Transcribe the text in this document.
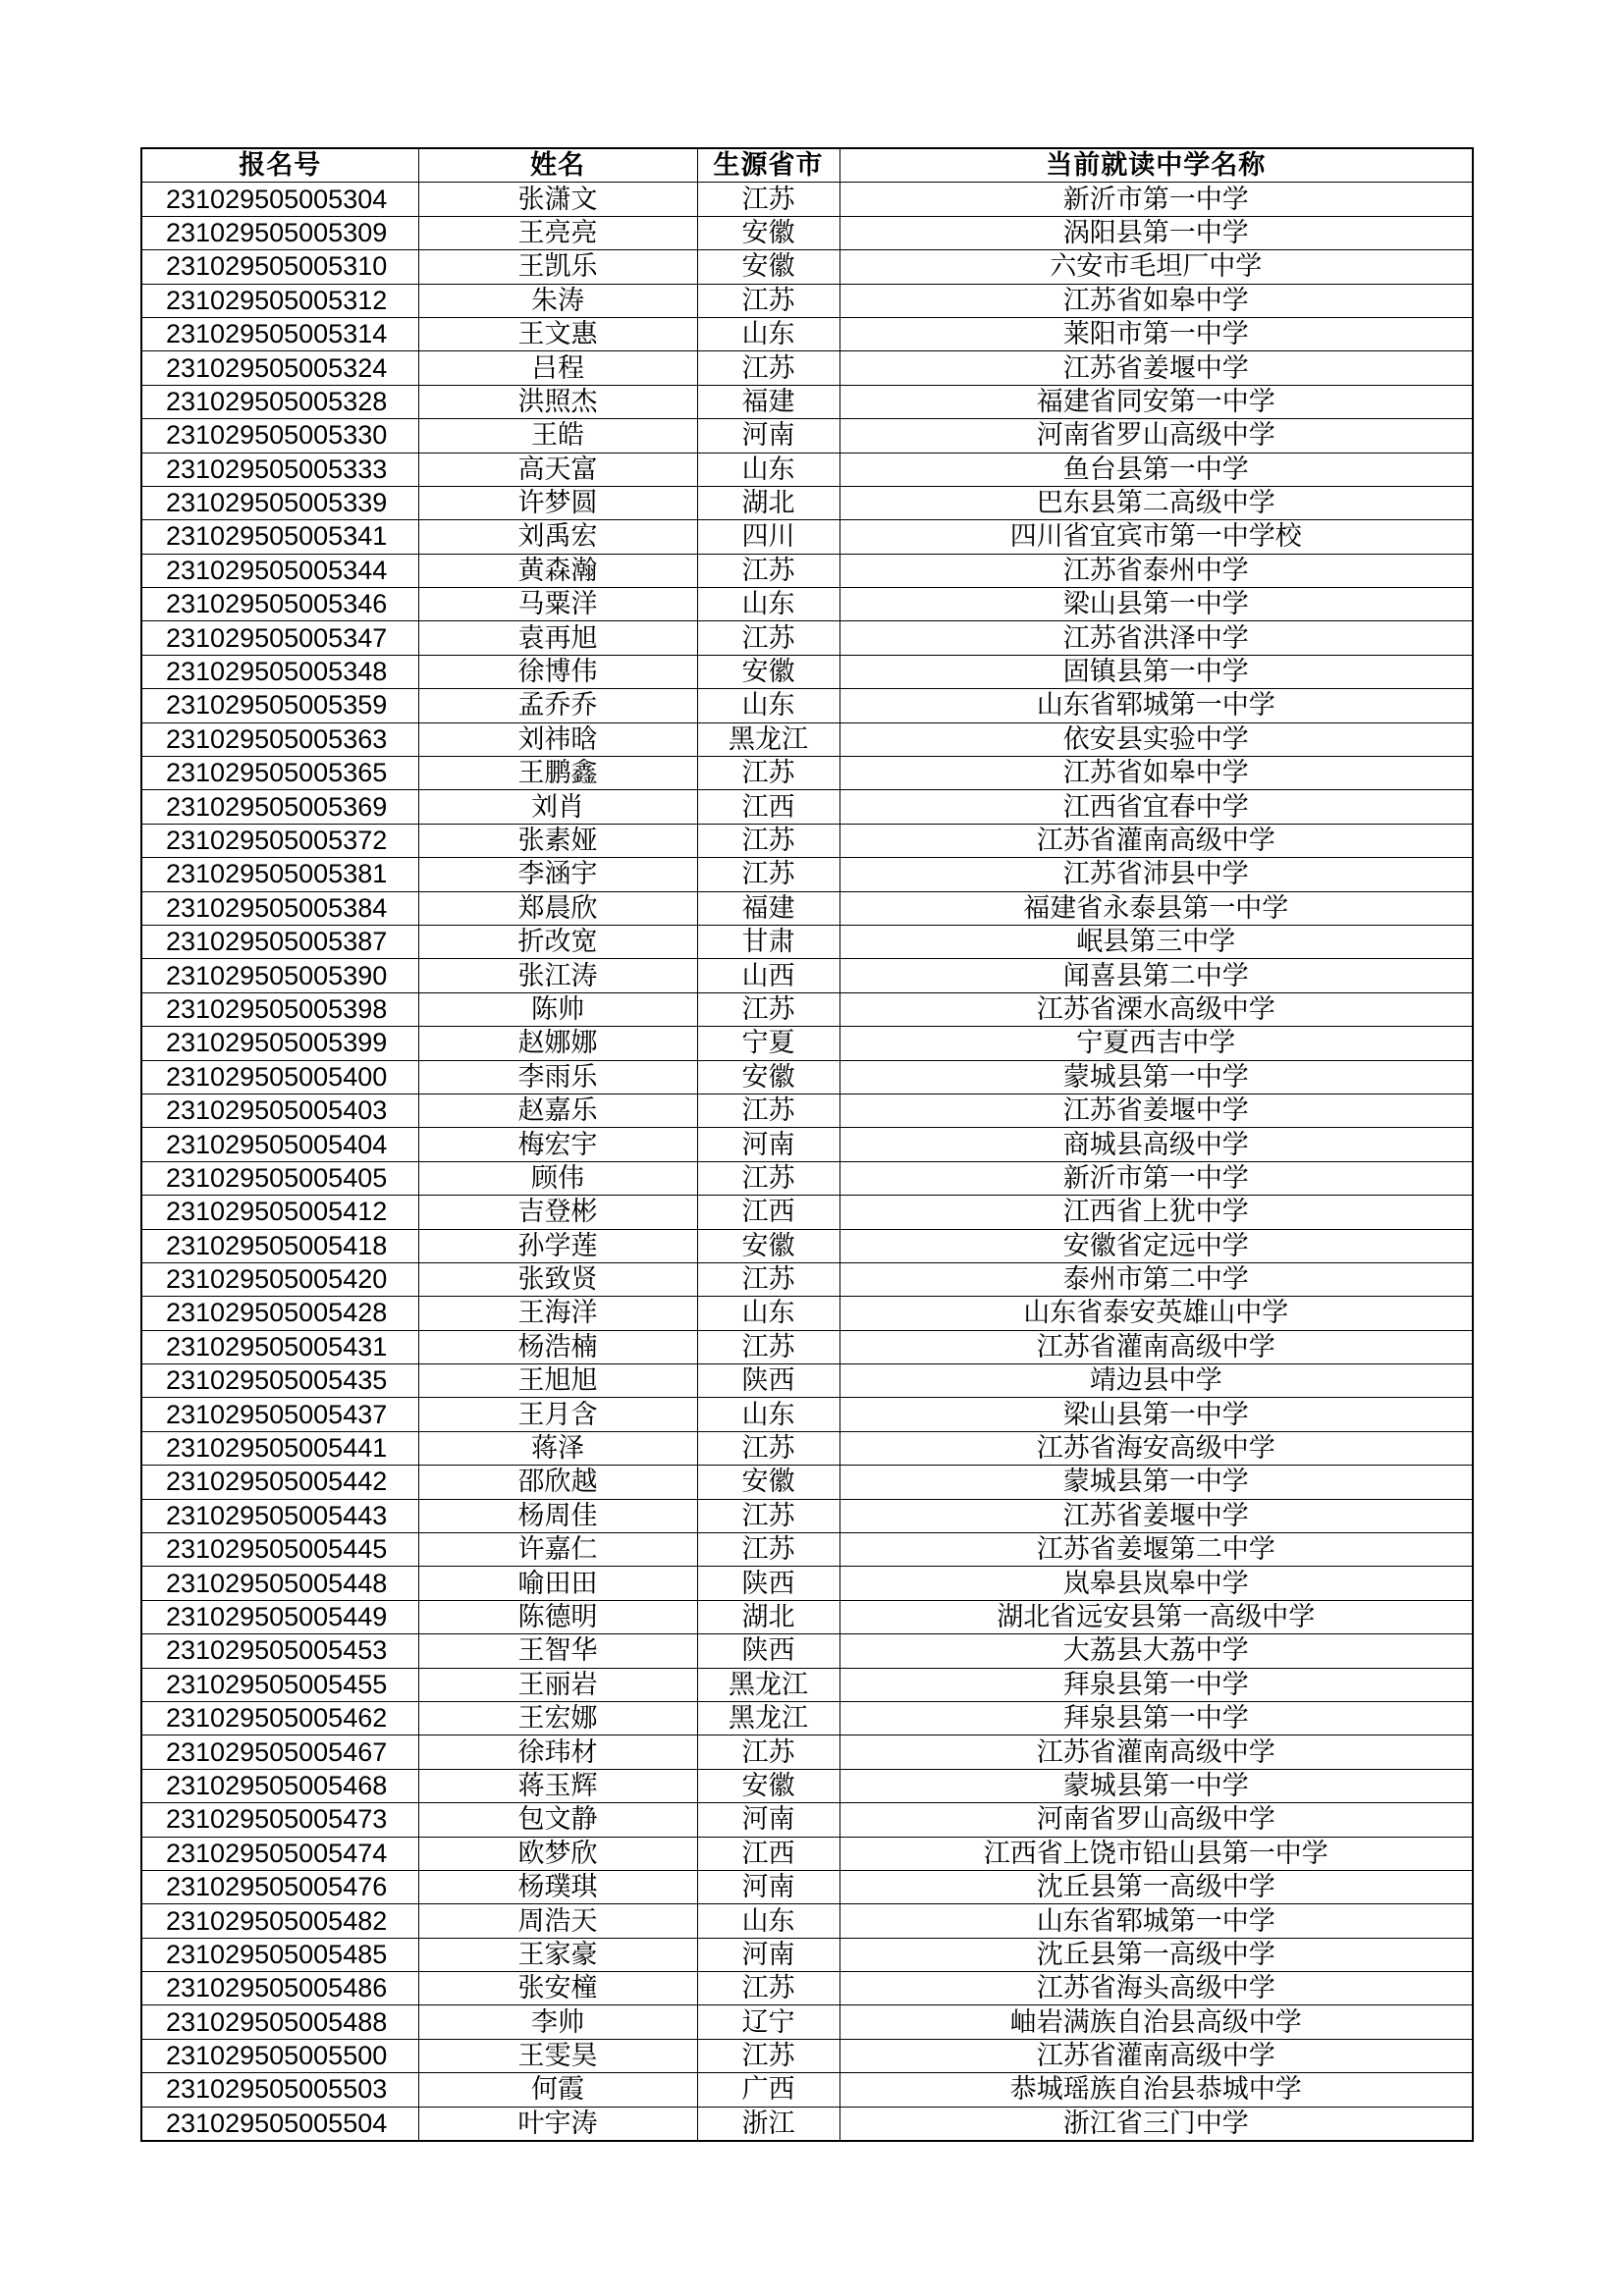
报名号	姓名	生源省市	当前就读中学名称
231029505005304	张潇文	江苏	新沂市第一中学
231029505005309	王亮亮	安徽	涡阳县第一中学
231029505005310	王凯乐	安徽	六安市毛坦厂中学
231029505005312	朱涛	江苏	江苏省如皋中学
231029505005314	王文惠	山东	莱阳市第一中学
231029505005324	吕程	江苏	江苏省姜堰中学
231029505005328	洪照杰	福建	福建省同安第一中学
231029505005330	王皓	河南	河南省罗山高级中学
231029505005333	高天富	山东	鱼台县第一中学
231029505005339	许梦圆	湖北	巴东县第二高级中学
231029505005341	刘禹宏	四川	四川省宜宾市第一中学校
231029505005344	黄森瀚	江苏	江苏省泰州中学
231029505005346	马粟洋	山东	梁山县第一中学
231029505005347	袁再旭	江苏	江苏省洪泽中学
231029505005348	徐博伟	安徽	固镇县第一中学
231029505005359	孟乔乔	山东	山东省郓城第一中学
231029505005363	刘祎晗	黑龙江	依安县实验中学
231029505005365	王鹏鑫	江苏	江苏省如皋中学
231029505005369	刘肖	江西	江西省宜春中学
231029505005372	张素娅	江苏	江苏省灌南高级中学
231029505005381	李涵宇	江苏	江苏省沛县中学
231029505005384	郑晨欣	福建	福建省永泰县第一中学
231029505005387	折改宽	甘肃	岷县第三中学
231029505005390	张江涛	山西	闻喜县第二中学
231029505005398	陈帅	江苏	江苏省溧水高级中学
231029505005399	赵娜娜	宁夏	宁夏西吉中学
231029505005400	李雨乐	安徽	蒙城县第一中学
231029505005403	赵嘉乐	江苏	江苏省姜堰中学
231029505005404	梅宏宇	河南	商城县高级中学
231029505005405	顾伟	江苏	新沂市第一中学
231029505005412	吉登彬	江西	江西省上犹中学
231029505005418	孙学莲	安徽	安徽省定远中学
231029505005420	张致贤	江苏	泰州市第二中学
231029505005428	王海洋	山东	山东省泰安英雄山中学
231029505005431	杨浩楠	江苏	江苏省灌南高级中学
231029505005435	王旭旭	陕西	靖边县中学
231029505005437	王月含	山东	梁山县第一中学
231029505005441	蒋泽	江苏	江苏省海安高级中学
231029505005442	邵欣越	安徽	蒙城县第一中学
231029505005443	杨周佳	江苏	江苏省姜堰中学
231029505005445	许嘉仁	江苏	江苏省姜堰第二中学
231029505005448	喻田田	陕西	岚皋县岚皋中学
231029505005449	陈德明	湖北	湖北省远安县第一高级中学
231029505005453	王智华	陕西	大荔县大荔中学
231029505005455	王丽岩	黑龙江	拜泉县第一中学
231029505005462	王宏娜	黑龙江	拜泉县第一中学
231029505005467	徐玮材	江苏	江苏省灌南高级中学
231029505005468	蒋玉辉	安徽	蒙城县第一中学
231029505005473	包文静	河南	河南省罗山高级中学
231029505005474	欧梦欣	江西	江西省上饶市铅山县第一中学
231029505005476	杨璞琪	河南	沈丘县第一高级中学
231029505005482	周浩天	山东	山东省郓城第一中学
231029505005485	王家豪	河南	沈丘县第一高级中学
231029505005486	张安橦	江苏	江苏省海头高级中学
231029505005488	李帅	辽宁	岫岩满族自治县高级中学
231029505005500	王雯昊	江苏	江苏省灌南高级中学
231029505005503	何霞	广西	恭城瑶族自治县恭城中学
231029505005504	叶宇涛	浙江	浙江省三门中学
